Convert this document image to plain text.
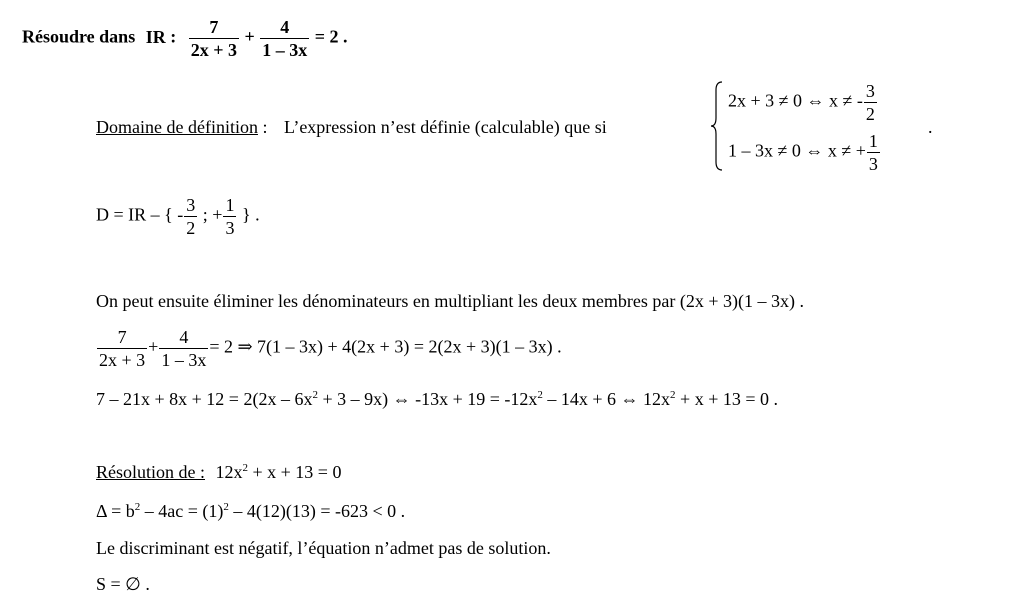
Résoudre dans IR : $\frac{7}{2x + 3} + \frac{4}{1 - 3x} = 2$ .
Domaine de définition : L’expression n’est définie (calculable) que si
2x + 3 ≠ 0 ⇔ x ≠ - $\frac{3}{2}$
1 – 3x ≠ 0 ⇔ x ≠ + $\frac{1}{3}$
.
D = IR – { - $\frac{3}{2}$ ; + $\frac{1}{3}$ } .
On peut ensuite éliminer les dénominateurs en multipliant les deux membres par (2x + 3)(1 – 3x) .
$\frac{7}{2x + 3} + \frac{4}{1 - 3x} = 2$ ⇒ 7(1 – 3x) + 4(2x + 3) = 2(2x + 3)(1 – 3x) .
$7 - 21x + 8x + 12 = 2(2x - 6x^2 + 3 - 9x)$ ⇔ $-13x + 19 = -12x^2 - 14x + 6$ ⇔ $12x^2 + x + 13 = 0$ .
Résolution de : $12x^2 + x + 13 = 0$
$\Delta = b^2 - 4ac = (1)^2 - 4(12)(13) = -623 < 0$ .
Le discriminant est négatif, l’équation n’admet pas de solution.
S = ∅ .
